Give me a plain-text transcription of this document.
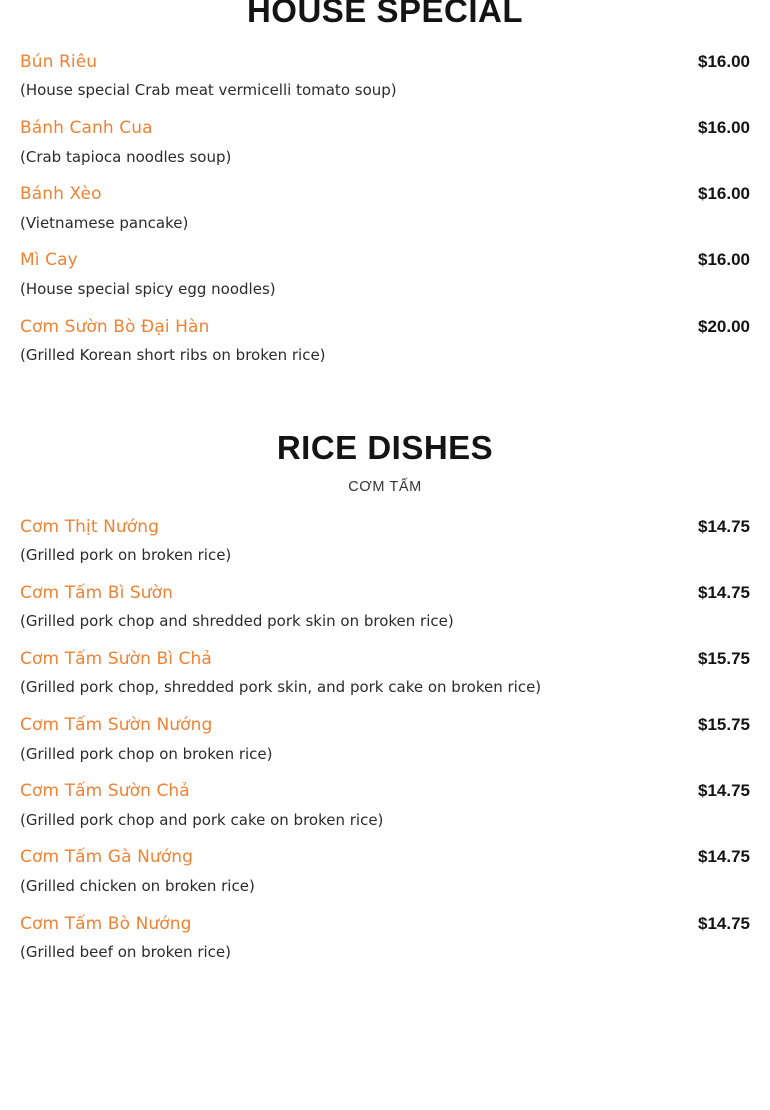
HOUSE SPECIAL
Bún Riêu	$16.00
(House special Crab meat vermicelli tomato soup)
Bánh Canh Cua	$16.00
(Crab tapioca noodles soup)
Bánh Xèo	$16.00
(Vietnamese pancake)
Mì Cay	$16.00
(House special spicy egg noodles)
Cơm Sườn Bò Đại Hàn	$20.00
(Grilled Korean short ribs on broken rice)
RICE DISHES
CƠM TẤM
Cơm Thịt Nướng	$14.75
(Grilled pork on broken rice)
Cơm Tấm Bì Sườn	$14.75
(Grilled pork chop and shredded pork skin on broken rice)
Cơm Tấm Sườn Bì Chả	$15.75
(Grilled pork chop, shredded pork skin, and pork cake on broken rice)
Cơm Tấm Sườn Nướng	$15.75
(Grilled pork chop on broken rice)
Cơm Tấm Sườn Chả	$14.75
(Grilled pork chop and pork cake on broken rice)
Cơm Tấm Gà Nướng	$14.75
(Grilled chicken on broken rice)
Cơm Tấm Bò Nướng	$14.75
(Grilled beef on broken rice)
